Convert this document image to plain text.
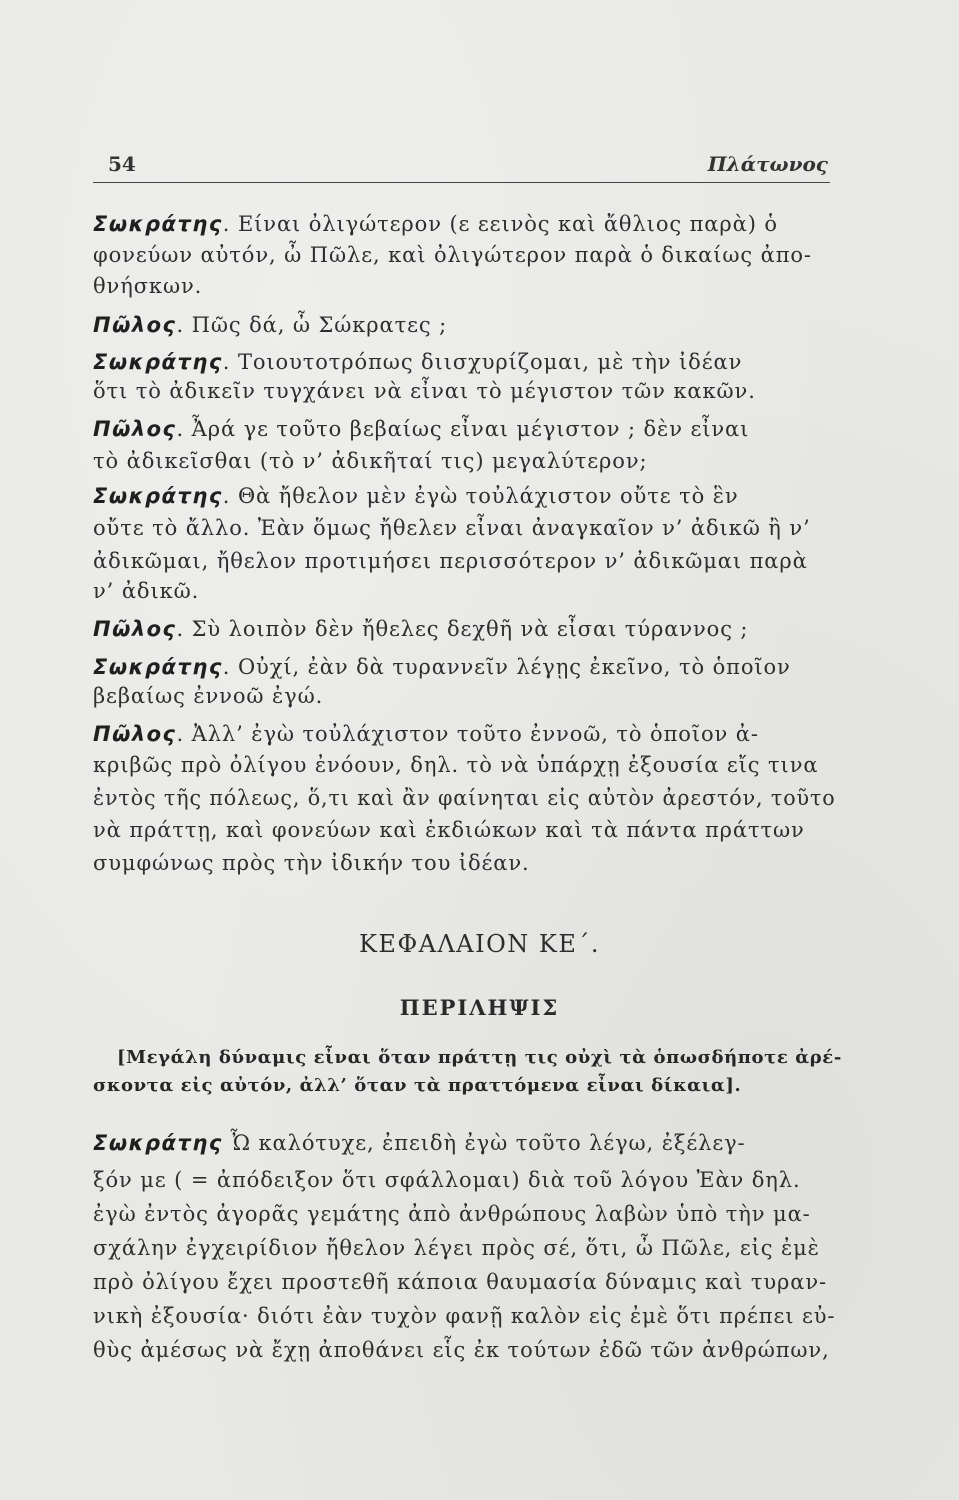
54	Πλάτωνος
Σωκράτης. Είναι ὀλιγώτερον (ε εεινὸς καὶ ἄθλιος παρὰ) ὁ
φονεύων αὐτόν, ὦ Πῶλε, καὶ ὀλιγώτερον παρὰ ὁ δικαίως ἀπο-
θνήσκων.
Πῶλος. Πῶς δά, ὦ Σώκρατες ;
Σωκράτης. Τοιουτοτρόπως διισχυρίζομαι, μὲ τὴν ἰδέαν
ὅτι τὸ ἀδικεῖν τυγχάνει νὰ εἶναι τὸ μέγιστον τῶν κακῶν.
Πῶλος. Ἆρά γε τοῦτο βεβαίως εἶναι μέγιστον ; δὲν εἶναι
τὸ ἀδικεῖσθαι (τὸ ν’ ἀδικῆταί τις) μεγαλύτερον;
Σωκράτης. Θὰ ἤθελον μὲν ἐγὼ τοὐλάχιστον οὔτε τὸ ἓν
οὔτε τὸ ἄλλο. Ἐὰν ὅμως ἤθελεν εἶναι ἀναγκαῖον ν’ ἀδικῶ ἢ ν’
ἀδικῶμαι, ἤθελον προτιμήσει περισσότερον ν’ ἀδικῶμαι παρὰ
ν’ ἀδικῶ.
Πῶλος. Σὺ λοιπὸν δὲν ἤθελες δεχθῆ νὰ εἶσαι τύραννος ;
Σωκράτης. Οὐχί, ἐὰν δὰ τυραννεῖν λέγῃς ἐκεῖνο, τὸ ὁποῖον
βεβαίως ἐννοῶ ἐγώ.
Πῶλος. Ἀλλ’ ἐγὼ τοὐλάχιστον τοῦτο ἐννοῶ, τὸ ὁποῖον ἀ-
κριβῶς πρὸ ὀλίγου ἐνόουν, δηλ. τὸ νὰ ὑπάρχῃ ἐξουσία εἴς τινα
ἐντὸς τῆς πόλεως, ὅ,τι καὶ ἂν φαίνηται εἰς αὐτὸν ἀρεστόν, τοῦτο
νὰ πράττῃ, καὶ φονεύων καὶ ἐκδιώκων καὶ τὰ πάντα πράττων
συμφώνως πρὸς τὴν ἰδικήν του ἰδέαν.
ΚΕΦΑΛΑΙΟΝ ΚΕ΄.
ΠΕΡΙΛΗΨΙΣ
[Μεγάλη δύναμις εἶναι ὅταν πράττῃ τις οὐχὶ τὰ ὁπωσδήποτε ἀρέ-
σκοντα εἰς αὐτόν, ἀλλ’ ὅταν τὰ πραττόμενα εἶναι δίκαια].
Σωκράτης Ὦ καλότυχε, ἐπειδὴ ἐγὼ τοῦτο λέγω, ἐξέλεγ-
ξόν με ( = ἀπόδειξον ὅτι σφάλλομαι) διὰ τοῦ λόγου Ἐὰν δηλ.
ἐγὼ ἐντὸς ἀγορᾶς γεμάτης ἀπὸ ἀνθρώπους λαβὼν ὑπὸ τὴν μα-
σχάλην ἐγχειρίδιον ἤθελον λέγει πρὸς σέ, ὅτι, ὦ Πῶλε, εἰς ἐμὲ
πρὸ ὀλίγου ἔχει προστεθῆ κάποια θαυμασία δύναμις καὶ τυραν-
νικὴ ἐξουσία· διότι ἐὰν τυχὸν φανῇ καλὸν εἰς ἐμὲ ὅτι πρέπει εὐ-
θὺς ἀμέσως νὰ ἔχῃ ἀποθάνει εἷς ἐκ τούτων ἐδῶ τῶν ἀνθρώπων,
